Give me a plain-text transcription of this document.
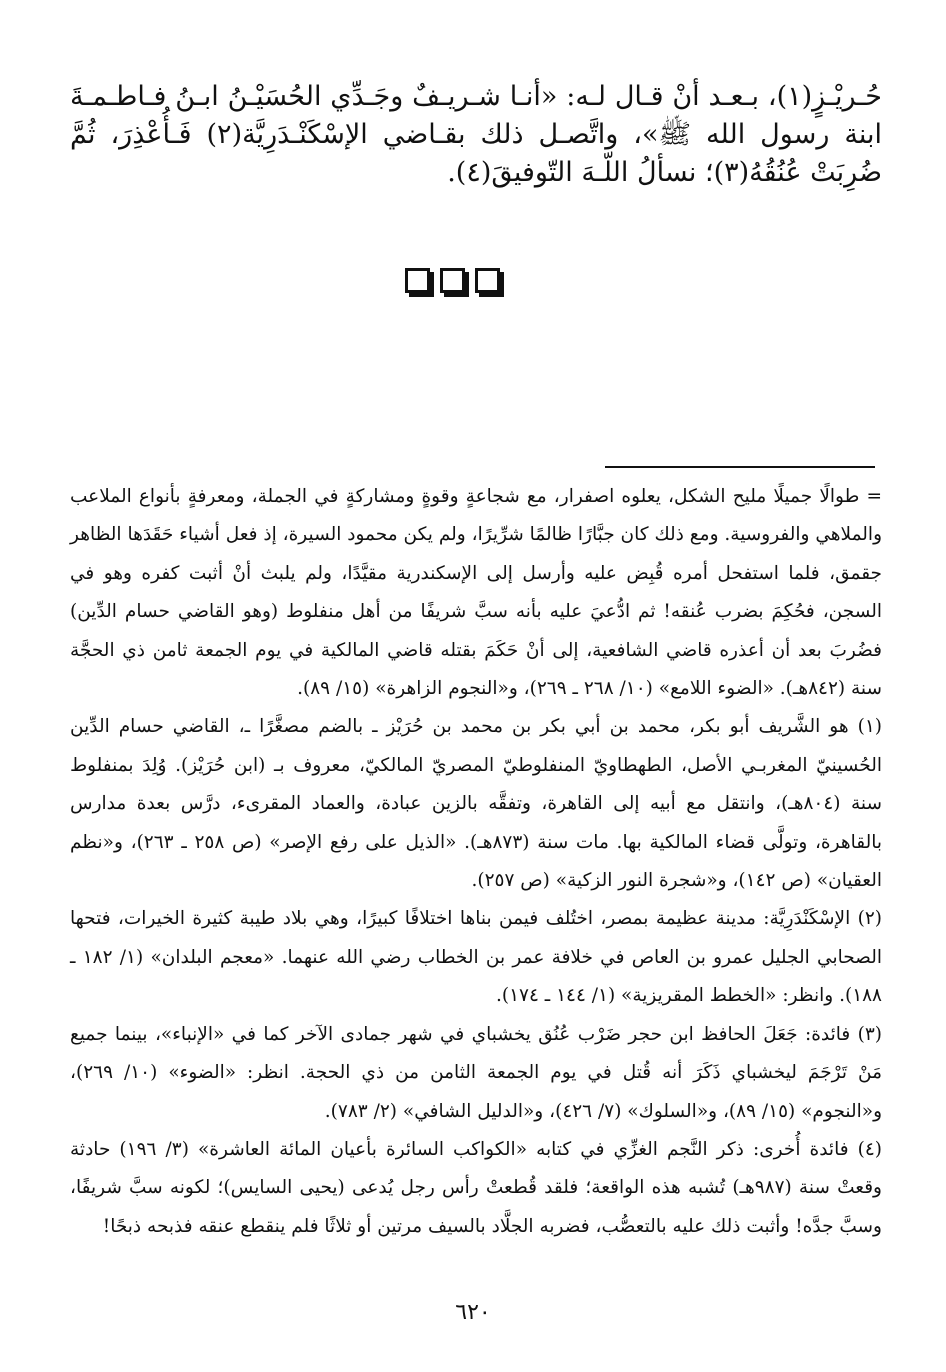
حُـريْـزٍ(١)، بـعـد أنْ قـال لـه: «أنـا شـريـفٌ وجَـدِّي الحُسَيْـنُ ابـنُ فـاطـمـةَ ابنة رسول الله ﷺ»، واتَّصـل ذلك بقـاضي الإسْكَنْـدَرِيَّة(٢) فَـأُعْذِرَ، ثُمَّ ضُرِبَتْ عُنُقُهُ(٣)؛ نسألُ اللّـهَ التّوفيقَ(٤).

= طوالًا جميلًا مليح الشكل، يعلوه اصفرار، مع شجاعةٍ وقوةٍ ومشاركةٍ في الجملة، ومعرفةٍ بأنواع الملاعب والملاهي والفروسية. ومع ذلك كان جبَّارًا ظالمًا شرِّيرًا، ولم يكن محمود السيرة، إذ فعل أشياء حَقَدَها الظاهر جقمق، فلما استفحل أمره قُبِض عليه وأرسل إلى الإسكندرية مقيَّدًا، ولم يلبث أنْ أثبت كفره وهو في السجن، فحُكِمَ بضرب عُنقه! ثم ادُّعيَ عليه بأنه سبَّ شريفًا من أهل منفلوط (وهو القاضي حسام الدِّين) فضُربَ بعد أن أعذره قاضي الشافعية، إلى أنْ حَكَمَ بقتله قاضي المالكية في يوم الجمعة ثامن ذي الحجَّة سنة (٨٤٢هـ). «الضوء اللامع» (١٠/ ٢٦٨ ـ ٢٦٩)، و«النجوم الزاهرة» (١٥/ ٨٩).

(١) هو الشَّريف أبو بكر، محمد بن أبي بكر بن محمد بن حُرَيْز ـ بالضم مصغَّرًا ـ، القاضي حسام الدِّين الحُسينيّ المغربـي الأصل، الطهطاويّ المنفلوطيّ المصريّ المالكيّ، معروف بـ (ابن حُرَيْز). وُلِدَ بمنفلوط سنة (٨٠٤هـ)، وانتقل مع أبيه إلى القاهرة، وتفقَّه بالزين عبادة، والعماد المقرىء، درَّس بعدة مدارس بالقاهرة، وتولَّى قضاء المالكية بها. مات سنة (٨٧٣هـ). «الذيل على رفع الإصر» (ص ٢٥٨ ـ ٢٦٣)، و«نظم العقيان» (ص ١٤٢)، و«شجرة النور الزكية» (ص ٢٥٧).

(٢) الإسْكَنْدَرِيَّة: مدينة عظيمة بمصر، اختُلف فيمن بناها اختلافًا كبيرًا، وهي بلاد طيبة كثيرة الخيرات، فتحها الصحابي الجليل عمرو بن العاص في خلافة عمر بن الخطاب رضي الله عنهما. «معجم البلدان» (١/ ١٨٢ ـ ١٨٨). وانظر: «الخطط المقريزية» (١/ ١٤٤ ـ ١٧٤).

(٣) فائدة: جَعَلَ الحافظ ابن حجر ضَرْب عُنُق يخشباي في شهر جمادى الآخر كما في «الإنباء»، بينما جميع مَنْ تَرْجَمَ ليخشباي ذَكَرَ أنه قُتل في يوم الجمعة الثامن من ذي الحجة. انظر: «الضوء» (١٠/ ٢٦٩)، و«النجوم» (١٥/ ٨٩)، و«السلوك» (٧/ ٤٢٦)، و«الدليل الشافي» (٢/ ٧٨٣).

(٤) فائدة أُخرى: ذكر النَّجم الغزِّي في كتابه «الكواكب السائرة بأعيان المائة العاشرة» (٣/ ١٩٦) حادثة وقعتْ سنة (٩٨٧هـ) تُشبه هذه الواقعة؛ فلقد قُطعتْ رأس رجل يُدعى (يحيى السايس)؛ لكونه سبَّ شريفًا، وسبَّ جدَّه! وأثبت ذلك عليه بالتعصُّب، فضربه الجلَّاد بالسيف مرتين أو ثلاثًا فلم ينقطع عنقه فذبحه ذبحًا!

٦٢٠
